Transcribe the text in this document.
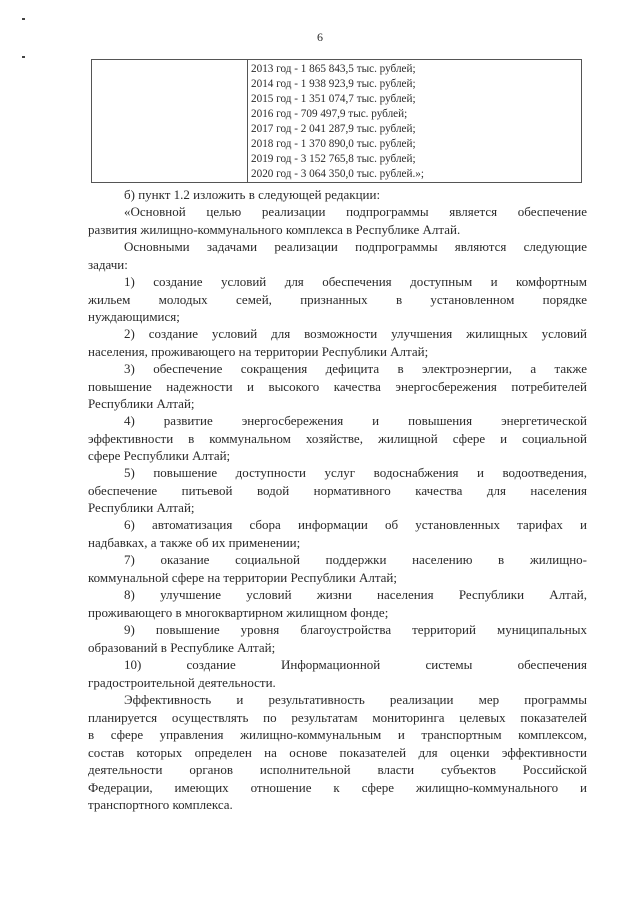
6
2013 год - 1 865 843,5 тыс. рублей;
2014 год - 1 938 923,9 тыс. рублей;
2015 год - 1 351 074,7 тыс. рублей;
2016 год - 709 497,9 тыс. рублей;
2017 год - 2 041 287,9 тыс. рублей;
2018 год - 1 370 890,0 тыс. рублей;
2019 год - 3 152 765,8 тыс. рублей;
2020 год - 3 064 350,0 тыс. рублей.»;
б) пункт 1.2 изложить в следующей редакции:
«Основной целью реализации подпрограммы является обеспечение
развития жилищно-коммунального комплекса в Республике Алтай.
Основными задачами реализации подпрограммы являются следующие
задачи:
1) создание условий для обеспечения доступным и комфортным
жильем молодых семей, признанных в установленном порядке
нуждающимися;
2) создание условий для возможности улучшения жилищных условий
населения, проживающего на территории Республики Алтай;
3) обеспечение сокращения дефицита в электроэнергии, а также
повышение надежности и высокого качества энергосбережения потребителей
Республики Алтай;
4) развитие энергосбережения и повышения энергетической
эффективности в коммунальном хозяйстве, жилищной сфере и социальной
сфере Республики Алтай;
5) повышение доступности услуг водоснабжения и водоотведения,
обеспечение питьевой водой нормативного качества для населения
Республики Алтай;
6) автоматизация сбора информации об установленных тарифах и
надбавках, а также об их применении;
7) оказание социальной поддержки населению в жилищно-
коммунальной сфере на территории Республики Алтай;
8) улучшение условий жизни населения Республики Алтай,
проживающего в многоквартирном жилищном фонде;
9) повышение уровня благоустройства территорий муниципальных
образований в Республике Алтай;
10) создание Информационной системы обеспечения
градостроительной деятельности.
Эффективность и результативность реализации мер программы
планируется осуществлять по результатам мониторинга целевых показателей
в сфере управления жилищно-коммунальным и транспортным комплексом,
состав которых определен на основе показателей для оценки эффективности
деятельности органов исполнительной власти субъектов Российской
Федерации, имеющих отношение к сфере жилищно-коммунального и
транспортного комплекса.
